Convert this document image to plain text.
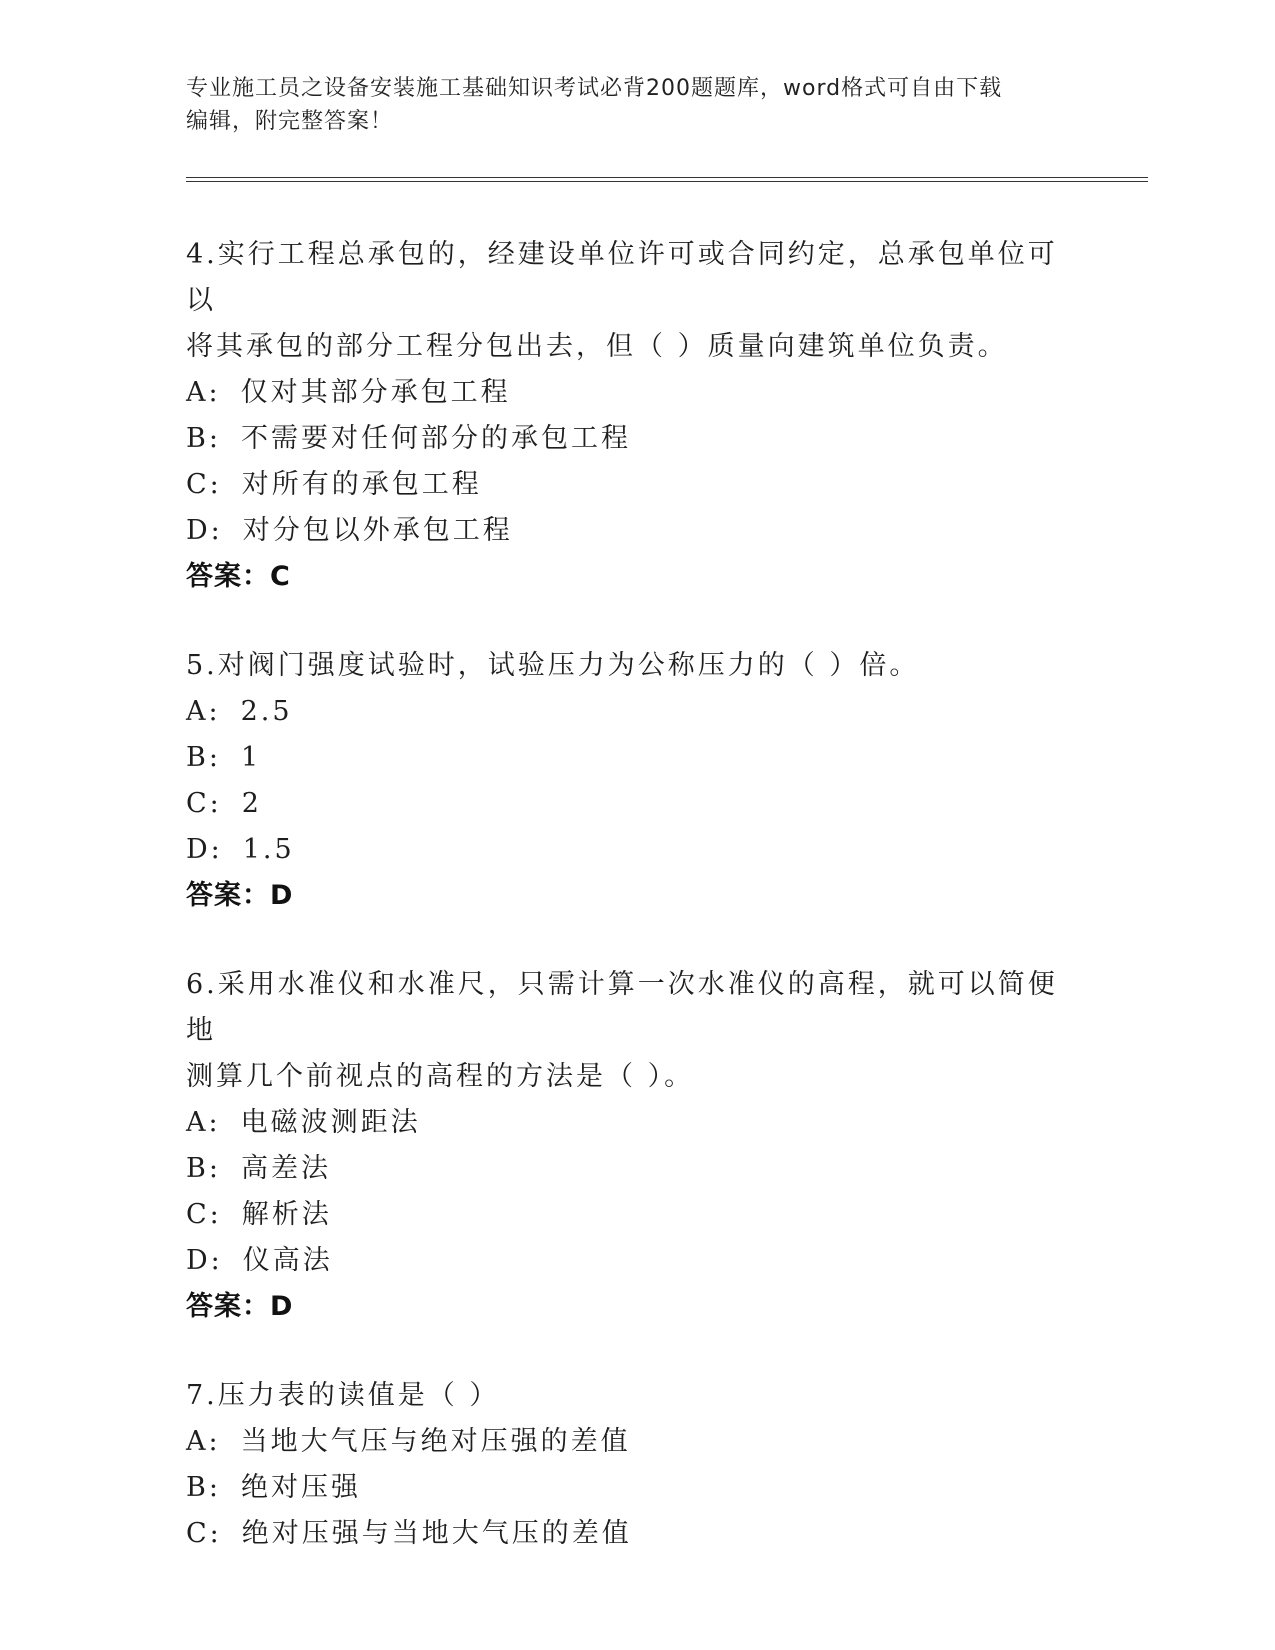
专业施工员之设备安装施工基础知识考试必背200题题库，word格式可自由下载
编辑，附完整答案！

4.实行工程总承包的，经建设单位许可或合同约定，总承包单位可以

将其承包的部分工程分包出去，但（ ）质量向建筑单位负责。

A: 仅对其部分承包工程

B: 不需要对任何部分的承包工程

C: 对所有的承包工程

D: 对分包以外承包工程

答案：C

5.对阀门强度试验时，试验压力为公称压力的（ ）倍。

A: 2.5

B: 1

C: 2

D: 1.5

答案：D

6.采用水准仪和水准尺，只需计算一次水准仪的高程，就可以简便地

测算几个前视点的高程的方法是（ ）。

A: 电磁波测距法

B: 高差法

C: 解析法

D: 仪高法

答案：D

7.压力表的读值是（ ）

A: 当地大气压与绝对压强的差值

B: 绝对压强

C: 绝对压强与当地大气压的差值
